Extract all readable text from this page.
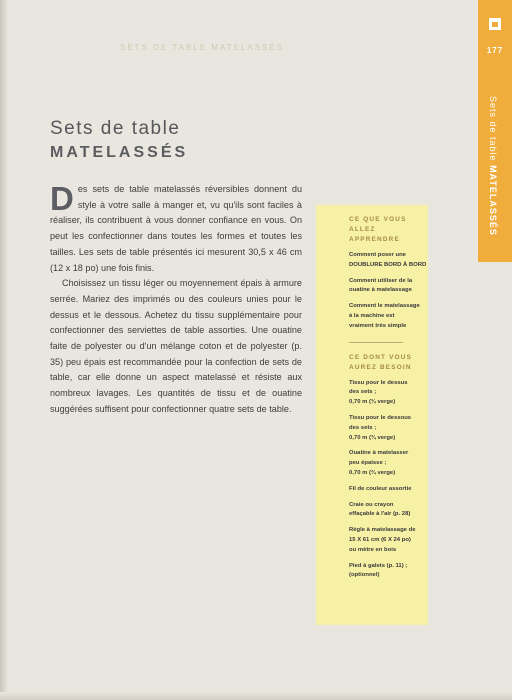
SETS DE TABLE MATELASSÉS	177
Sets de table MATELASSÉS
Sets de table
MATELASSÉS

Des sets de table matelassés réversibles donnent du style à votre salle à manger et, vu qu'ils sont faciles à réaliser, ils contribuent à vous donner confiance en vous. On peut les confectionner dans toutes les formes et toutes les tailles. Les sets de table présentés ici mesurent 30,5 x 46 cm (12 x 18 po) une fois finis.

Choisissez un tissu léger ou moyennement épais à armure serrée. Mariez des imprimés ou des couleurs unies pour le dessus et le dessous. Achetez du tissu supplémentaire pour confectionner des serviettes de table assorties. Une ouatine faite de polyester ou d'un mélange coton et de polyester (p. 35) peu épais est recommandée pour la confection de sets de table, car elle donne un aspect matelassé et résiste aux nombreux lavages. Les quantités de tissu et de ouatine suggérées suffisent pour confectionner quatre sets de table.

CE QUE VOUS ALLEZ
APPRENDRE
Comment poser une
DOUBLURE BORD À BORD
Comment utiliser de la
ouatine à matelassage
Comment le matelassage
à la machine est
vraiment très simple
CE DONT VOUS
AUREZ BESOIN
Tissu pour le dessus
des sets ;
0,70 m (¾ verge)
Tissu pour le dessous
des sets ;
0,70 m (¾ verge)
Ouatine à matelasser
peu épaisse ;
0,70 m (¾ verge)
Fil de couleur assortie
Craie ou crayon
effaçable à l'air (p. 28)
Règle à matelassage de
15 X 61 cm (6 X 24 po)
ou mètre en bois
Pied à galets (p. 11) ;
(optionnel)
